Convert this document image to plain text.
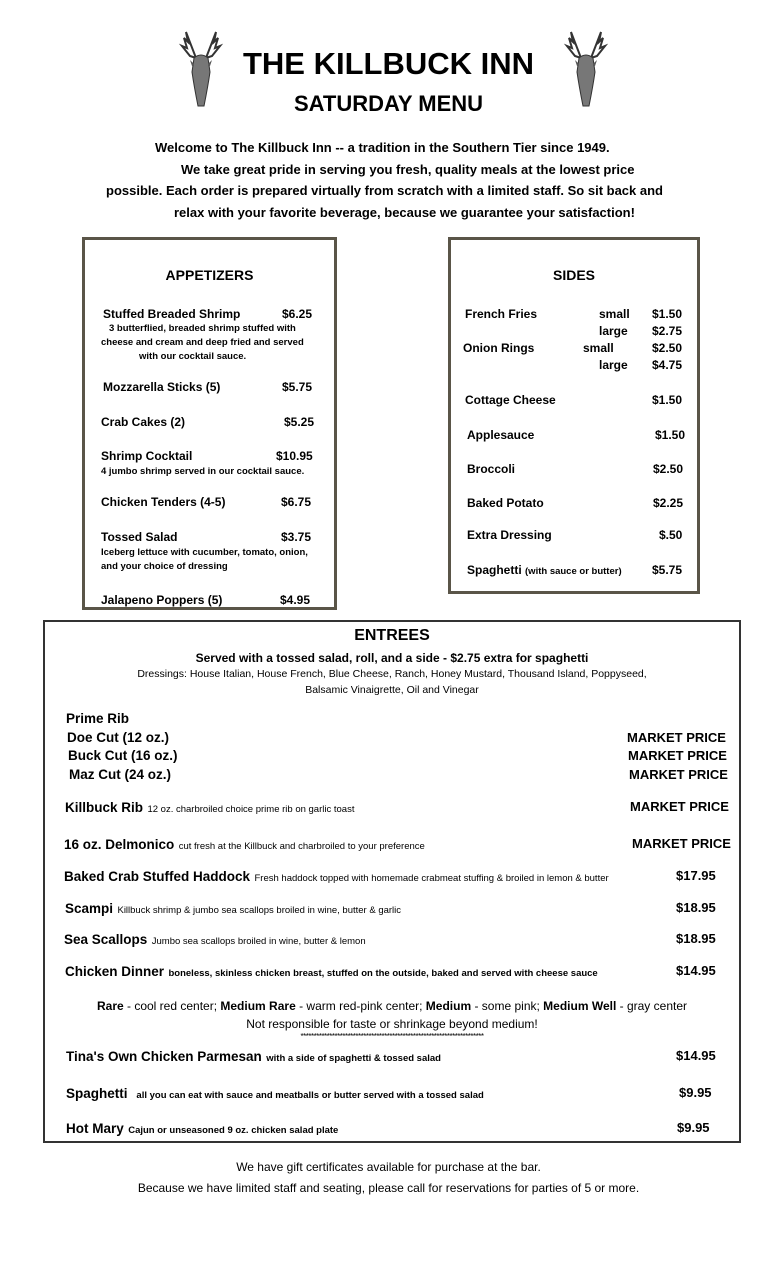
THE KILLBUCK INN
SATURDAY MENU
Welcome to The Killbuck Inn -- a tradition in the Southern Tier since 1949.
We take great pride in serving you fresh, quality meals at the lowest price
possible. Each order is prepared virtually from scratch with a limited staff. So sit back and
relax with your favorite beverage, because we guarantee your satisfaction!
APPETIZERS
Stuffed Breaded Shrimp	$6.25
3 butterflied, breaded shrimp stuffed with
cheese and cream and deep fried and served
with our cocktail sauce.
Mozzarella Sticks (5)	$5.75
Crab Cakes (2)	$5.25
Shrimp Cocktail	$10.95
4 jumbo shrimp served in our cocktail sauce.
Chicken Tenders (4-5)	$6.75
Tossed Salad	$3.75
Iceberg lettuce with cucumber, tomato, onion,
and your choice of dressing
Jalapeno Poppers (5)	$4.95
SIDES
French Fries	small $1.50
large $2.75
Onion Rings	small	$2.50
large $4.75
Cottage Cheese	$1.50
Applesauce	$1.50
Broccoli	$2.50
Baked Potato	$2.25
Extra Dressing	$.50
Spaghetti (with sauce or butter)	$5.75
ENTREES
Served with a tossed salad, roll, and a side - $2.75 extra for spaghetti
Dressings: House Italian, House French, Blue Cheese, Ranch, Honey Mustard, Thousand Island, Poppyseed,
Balsamic Vinaigrette, Oil and Vinegar
Prime Rib
Doe Cut (12 oz.)	MARKET PRICE
Buck Cut (16 oz.)	MARKET PRICE
Maz Cut (24 oz.)	MARKET PRICE
Killbuck Rib 12 oz. charbroiled choice prime rib on garlic toast	MARKET PRICE
16 oz. Delmonico cut fresh at the Killbuck and charbroiled to your preference	MARKET PRICE
Baked Crab Stuffed Haddock Fresh haddock topped with homemade crabmeat stuffing & broiled in lemon & butter	$17.95
Scampi Killbuck shrimp & jumbo sea scallops broiled in wine, butter & garlic	$18.95
Sea Scallops Jumbo sea scallops broiled in wine, butter & lemon	$18.95
Chicken Dinner boneless, skinless chicken breast, stuffed on the outside, baked and served with cheese sauce	$14.95
Rare - cool red center; Medium Rare - warm red-pink center; Medium - some pink; Medium Well - gray center
Not responsible for taste or shrinkage beyond medium!
**********************************************************************
Tina's Own Chicken Parmesan with a side of spaghetti & tossed salad	$14.95
Spaghetti all you can eat with sauce and meatballs or butter served with a tossed salad	$9.95
Hot Mary Cajun or unseasoned 9 oz. chicken salad plate	$9.95
We have gift certificates available for purchase at the bar.
Because we have limited staff and seating, please call for reservations for parties of 5 or more.
